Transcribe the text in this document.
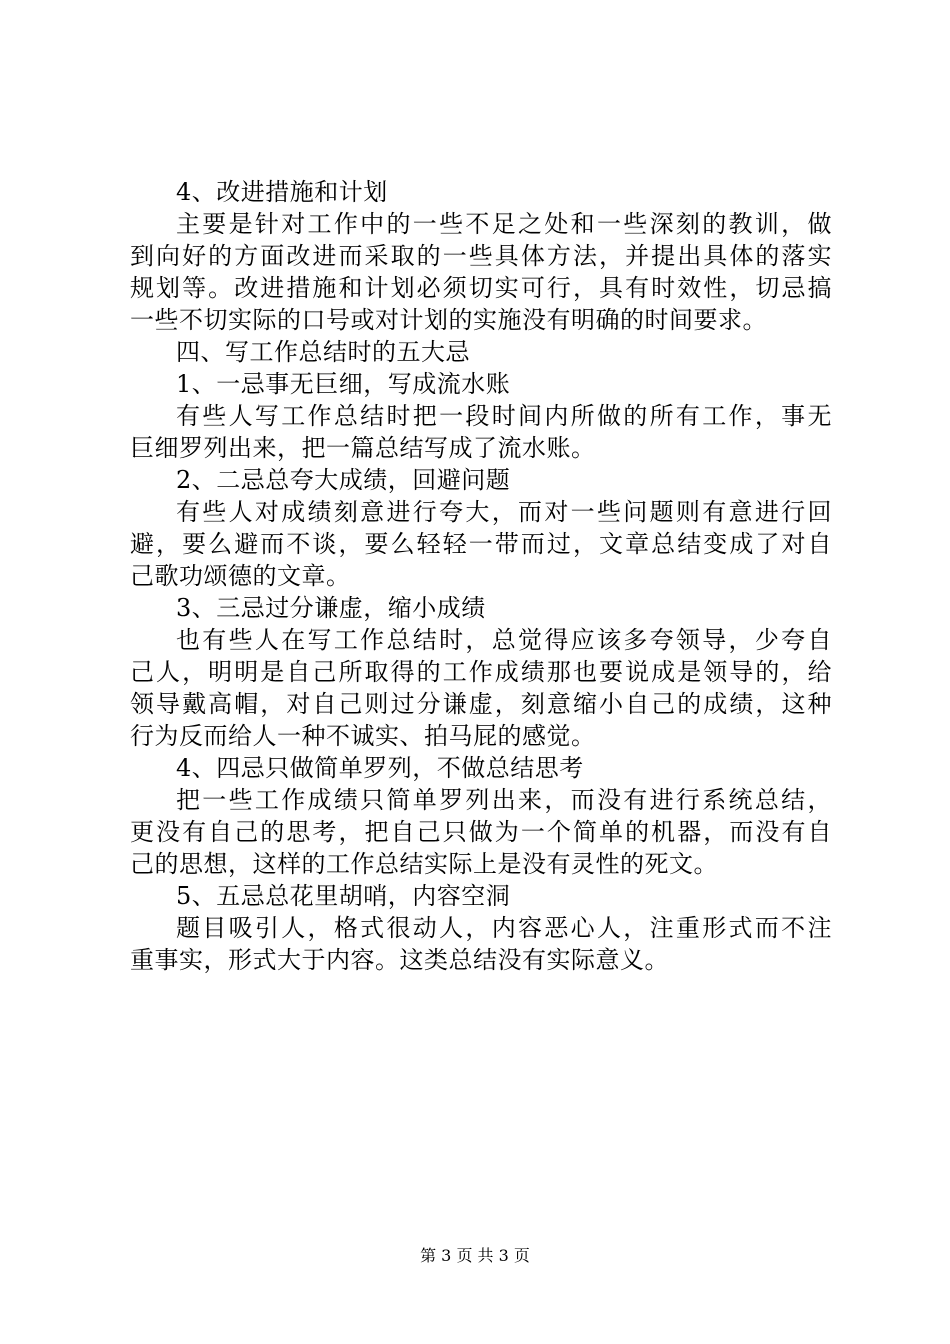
4、改进措施和计划
主要是针对工作中的一些不足之处和一些深刻的教训，做
到向好的方面改进而采取的一些具体方法，并提出具体的落实
规划等。改进措施和计划必须切实可行，具有时效性，切忌搞
一些不切实际的口号或对计划的实施没有明确的时间要求。
四、写工作总结时的五大忌
1、一忌事无巨细，写成流水账
有些人写工作总结时把一段时间内所做的所有工作，事无
巨细罗列出来，把一篇总结写成了流水账。
2、二忌总夸大成绩，回避问题
有些人对成绩刻意进行夸大，而对一些问题则有意进行回
避，要么避而不谈，要么轻轻一带而过，文章总结变成了对自
己歌功颂德的文章。
3、三忌过分谦虚，缩小成绩
也有些人在写工作总结时，总觉得应该多夸领导，少夸自
己人，明明是自己所取得的工作成绩那也要说成是领导的，给
领导戴高帽，对自己则过分谦虚，刻意缩小自己的成绩，这种
行为反而给人一种不诚实、拍马屁的感觉。
4、四忌只做简单罗列，不做总结思考
把一些工作成绩只简单罗列出来，而没有进行系统总结，
更没有自己的思考，把自己只做为一个简单的机器，而没有自
己的思想，这样的工作总结实际上是没有灵性的死文。
5、五忌总花里胡哨，内容空洞
题目吸引人，格式很动人，内容恶心人，注重形式而不注
重事实，形式大于内容。这类总结没有实际意义。
第 3 页 共 3 页
